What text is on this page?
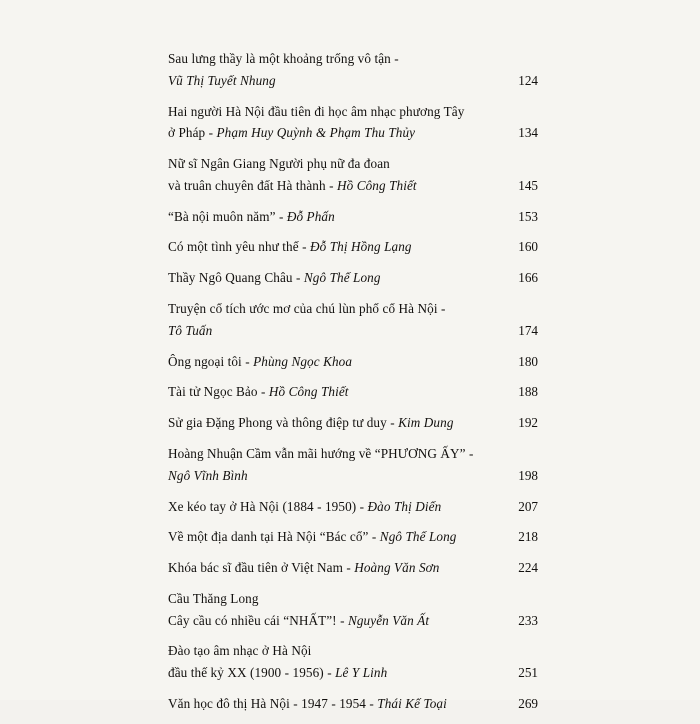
Sau lưng thầy là một khoảng trống vô tận -
Vũ Thị Tuyết Nhung	124
Hai người Hà Nội đầu tiên đi học âm nhạc phương Tây
ở Pháp - Phạm Huy Quỳnh & Phạm Thu Thủy	134
Nữ sĩ Ngân Giang Người phụ nữ đa đoan
và truân chuyên đất Hà thành - Hồ Công Thiết	145
“Bà nội muôn năm” - Đỗ Phấn	153
Có một tình yêu như thế - Đỗ Thị Hồng Lạng	160
Thầy Ngô Quang Châu - Ngô Thế Long	166
Truyện cổ tích ước mơ của chú lùn phố cổ Hà Nội -
Tô Tuấn	174
Ông ngoại tôi - Phùng Ngọc Khoa	180
Tài tử Ngọc Bảo - Hồ Công Thiết	188
Sử gia Đặng Phong và thông điệp tư duy - Kim Dung	192
Hoàng Nhuận Cầm vẫn mãi hướng về “PHƯƠNG ẤY” -
Ngô Vĩnh Bình	198
Xe kéo tay ở Hà Nội (1884 - 1950) - Đào Thị Diến	207
Về một địa danh tại Hà Nội “Bác cổ” - Ngô Thế Long	218
Khóa bác sĩ đầu tiên ở Việt Nam - Hoàng Văn Sơn	224
Cầu Thăng Long
Cây cầu có nhiều cái “NHẤT”! - Nguyễn Văn Ất	233
Đào tạo âm nhạc ở Hà Nội
đầu thế kỷ XX (1900 - 1956) - Lê Y Linh	251
Văn học đô thị Hà Nội - 1947 - 1954 - Thái Kế Toại	269
